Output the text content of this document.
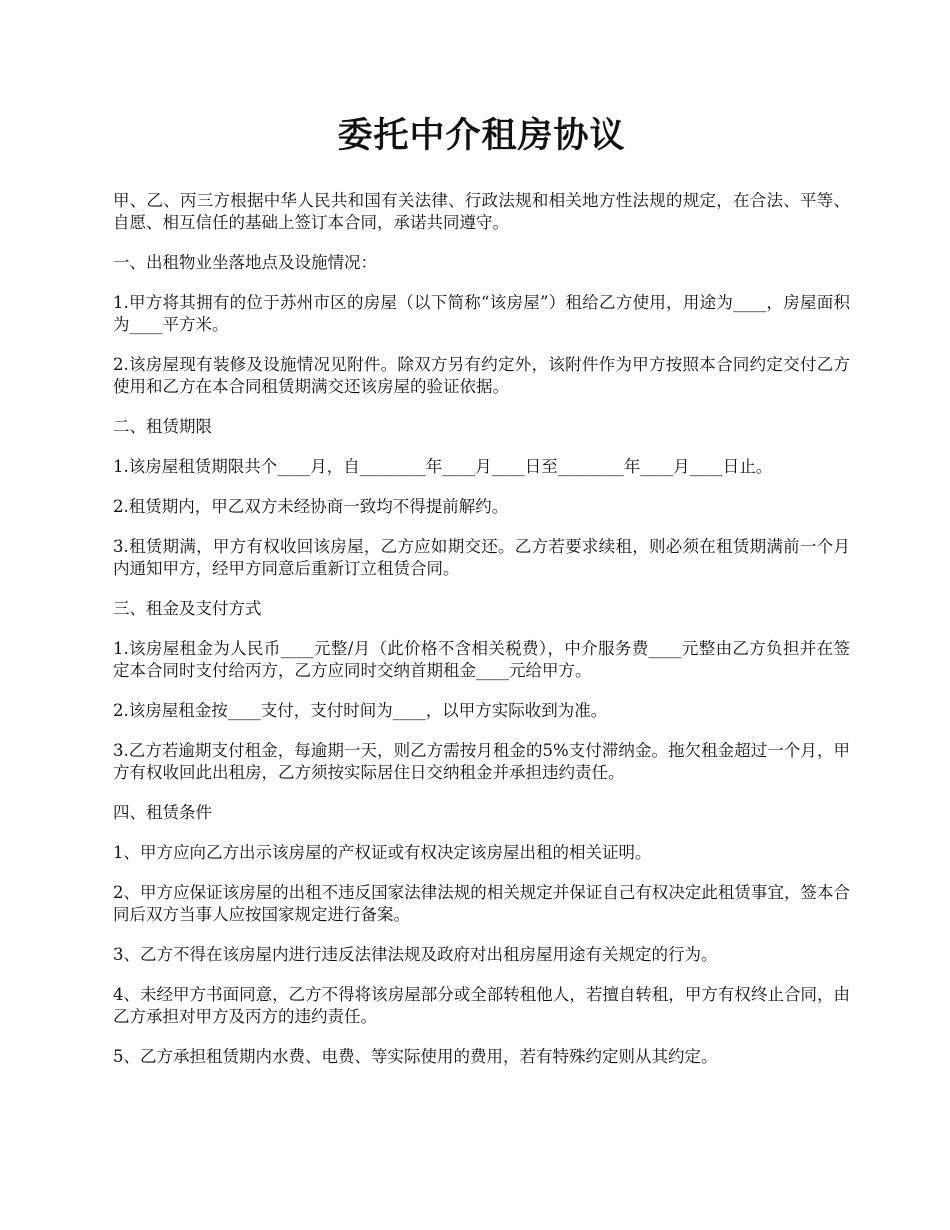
委托中介租房协议

甲、乙、丙三方根据中华人民共和国有关法律、行政法规和相关地方性法规的规定，在合法、平等、自愿、相互信任的基础上签订本合同，承诺共同遵守。

一、出租物业坐落地点及设施情况：

1.甲方将其拥有的位于苏州市区的房屋（以下简称“该房屋”）租给乙方使用，用途为____，房屋面积为____平方米。

2.该房屋现有装修及设施情况见附件。除双方另有约定外，该附件作为甲方按照本合同约定交付乙方使用和乙方在本合同租赁期满交还该房屋的验证依据。

二、租赁期限

1.该房屋租赁期限共个____月，自________年____月____日至________年____月____日止。

2.租赁期内，甲乙双方未经协商一致均不得提前解约。

3.租赁期满，甲方有权收回该房屋，乙方应如期交还。乙方若要求续租，则必须在租赁期满前一个月内通知甲方，经甲方同意后重新订立租赁合同。

三、租金及支付方式

1.该房屋租金为人民币____元整/月（此价格不含相关税费），中介服务费____元整由乙方负担并在签定本合同时支付给丙方，乙方应同时交纳首期租金____元给甲方。

2.该房屋租金按____支付，支付时间为____，以甲方实际收到为准。

3.乙方若逾期支付租金，每逾期一天，则乙方需按月租金的5%支付滞纳金。拖欠租金超过一个月，甲方有权收回此出租房，乙方须按实际居住日交纳租金并承担违约责任。

四、租赁条件

1、甲方应向乙方出示该房屋的产权证或有权决定该房屋出租的相关证明。

2、甲方应保证该房屋的出租不违反国家法律法规的相关规定并保证自己有权决定此租赁事宜，签本合同后双方当事人应按国家规定进行备案。

3、乙方不得在该房屋内进行违反法律法规及政府对出租房屋用途有关规定的行为。

4、未经甲方书面同意，乙方不得将该房屋部分或全部转租他人，若擅自转租，甲方有权终止合同，由乙方承担对甲方及丙方的违约责任。

5、乙方承担租赁期内水费、电费、等实际使用的费用，若有特殊约定则从其约定。
